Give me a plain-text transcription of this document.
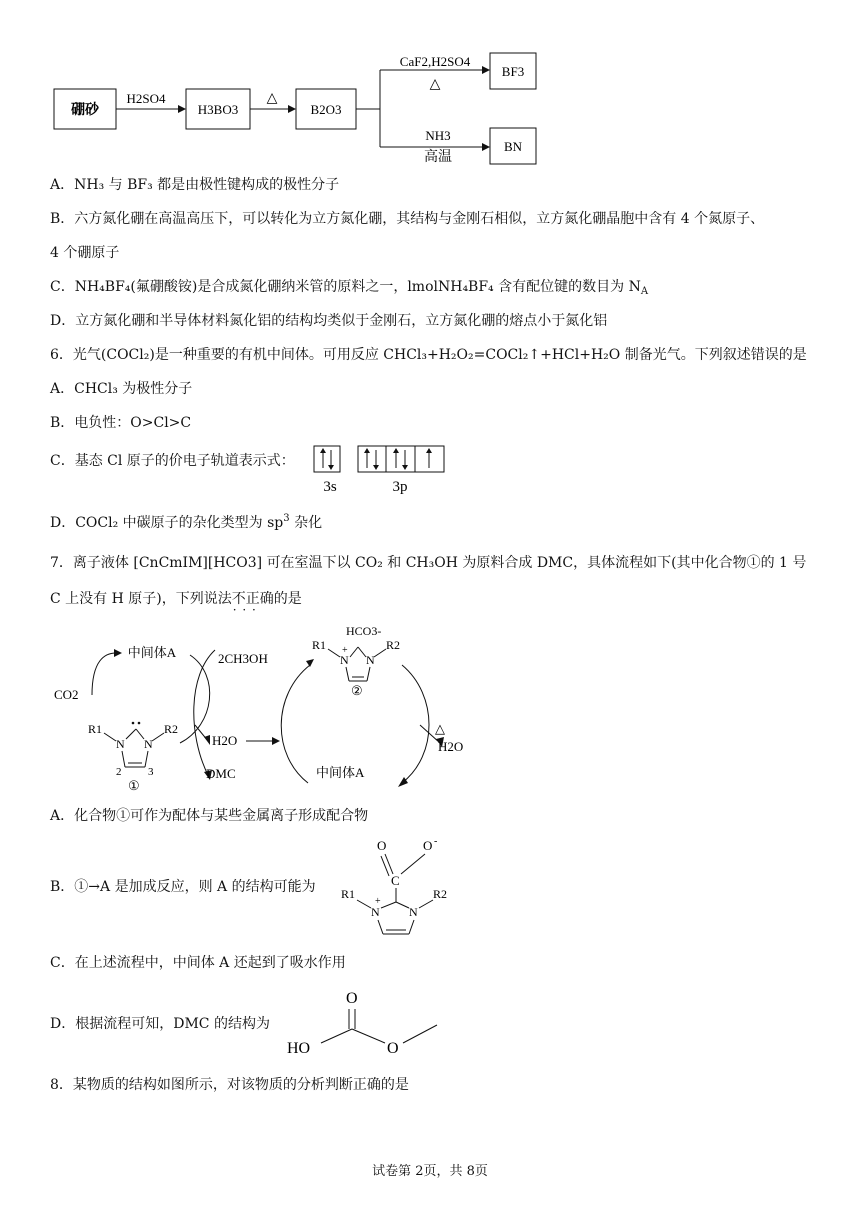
硼砂
H2SO4
H3BO3
△
B2O3
CaF2,H2SO4
△
NH3
高温
BF3
BN
A．NH₃ 与 BF₃ 都是由极性键构成的极性分子
B．六方氮化硼在高温高压下，可以转化为立方氮化硼，其结构与金刚石相似，立方氮化硼晶胞中含有 4 个氮原子、
4 个硼原子
C．NH₄BF₄(氟硼酸铵)是合成氮化硼纳米管的原料之一，lmolNH₄BF₄ 含有配位键的数目为 $N_A$
D．立方氮化硼和半导体材料氮化铝的结构均类似于金刚石，立方氮化硼的熔点小于氮化铝
6．光气(COCl₂)是一种重要的有机中间体。可用反应 CHCl₃+H₂O₂=COCl₂↑+HCl+H₂O 制备光气。下列叙述错误的是
A．CHCl₃ 为极性分子
B．电负性：O>Cl>C
C．基态 Cl 原子的价电子轨道表示式：
3s	3p
D．COCl₂ 中碳原子的杂化类型为 $sp^3$ 杂化
7．离子液体 [CnCmIM][HCO3] 可在室温下以 CO₂ 和 CH₃OH 为原料合成 DMC，具体流程如下(其中化合物①的 1 号
C 上没有 H 原子)，下列说法不正确 · · ·的是
中间体A	2CH3OH
CO2
H2O
DMC
R1
N N
R2
2 3
①
△
H2O
中间体A
HCO3-
R1
N
+
N
R2
②
A．化合物①可作为配体与某些金属离子形成配合物
B．①→A 是加成反应，则 A 的结构可能为
O	O -
C
R1
N
+
N
R2
C．在上述流程中，中间体 A 还起到了吸水作用
D．根据流程可知，DMC 的结构为
O
HO	O
8．某物质的结构如图所示，对该物质的分析判断正确的是
试卷第 2页，共 8页
